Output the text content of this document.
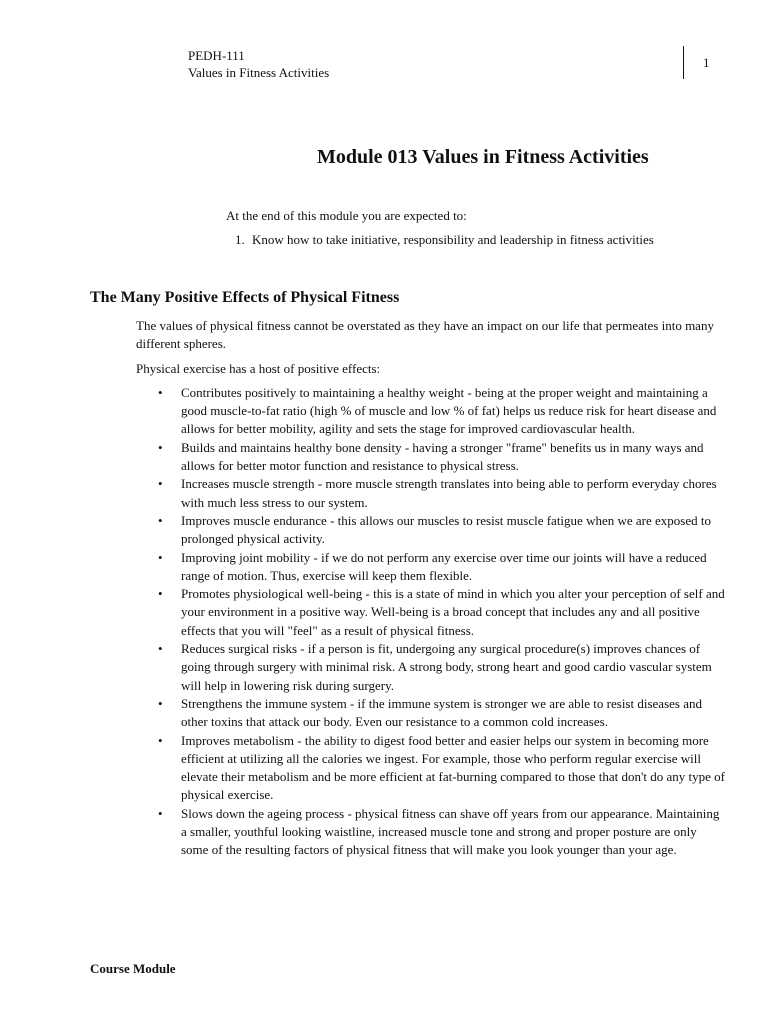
PEDH-111
Values in Fitness Activities
1
Module 013 Values in Fitness Activities

At the end of this module you are expected to:

1. Know how to take initiative, responsibility and leadership in fitness activities
The Many Positive Effects of Physical Fitness

The values of physical fitness cannot be overstated as they have an impact on our life that permeates into many different spheres.

Physical exercise has a host of positive effects:

• Contributes positively to maintaining a healthy weight - being at the proper weight and maintaining a good muscle-to-fat ratio (high % of muscle and low % of fat) helps us reduce risk for heart disease and allows for better mobility, agility and sets the stage for improved cardiovascular health.
• Builds and maintains healthy bone density - having a stronger "frame" benefits us in many ways and allows for better motor function and resistance to physical stress.
• Increases muscle strength - more muscle strength translates into being able to perform everyday chores with much less stress to our system.
• Improves muscle endurance - this allows our muscles to resist muscle fatigue when we are exposed to prolonged physical activity.
• Improving joint mobility - if we do not perform any exercise over time our joints will have a reduced range of motion. Thus, exercise will keep them flexible.
• Promotes physiological well-being - this is a state of mind in which you alter your perception of self and your environment in a positive way. Well-being is a broad concept that includes any and all positive effects that you will "feel" as a result of physical fitness.
• Reduces surgical risks - if a person is fit, undergoing any surgical procedure(s) improves chances of going through surgery with minimal risk. A strong body, strong heart and good cardio vascular system will help in lowering risk during surgery.
• Strengthens the immune system - if the immune system is stronger we are able to resist diseases and other toxins that attack our body. Even our resistance to a common cold increases.
• Improves metabolism - the ability to digest food better and easier helps our system in becoming more efficient at utilizing all the calories we ingest. For example, those who perform regular exercise will elevate their metabolism and be more efficient at fat-burning compared to those that don't do any type of physical exercise.
• Slows down the ageing process - physical fitness can shave off years from our appearance. Maintaining a smaller, youthful looking waistline, increased muscle tone and strong and proper posture are only some of the resulting factors of physical fitness that will make you look younger than your age.
Course Module
